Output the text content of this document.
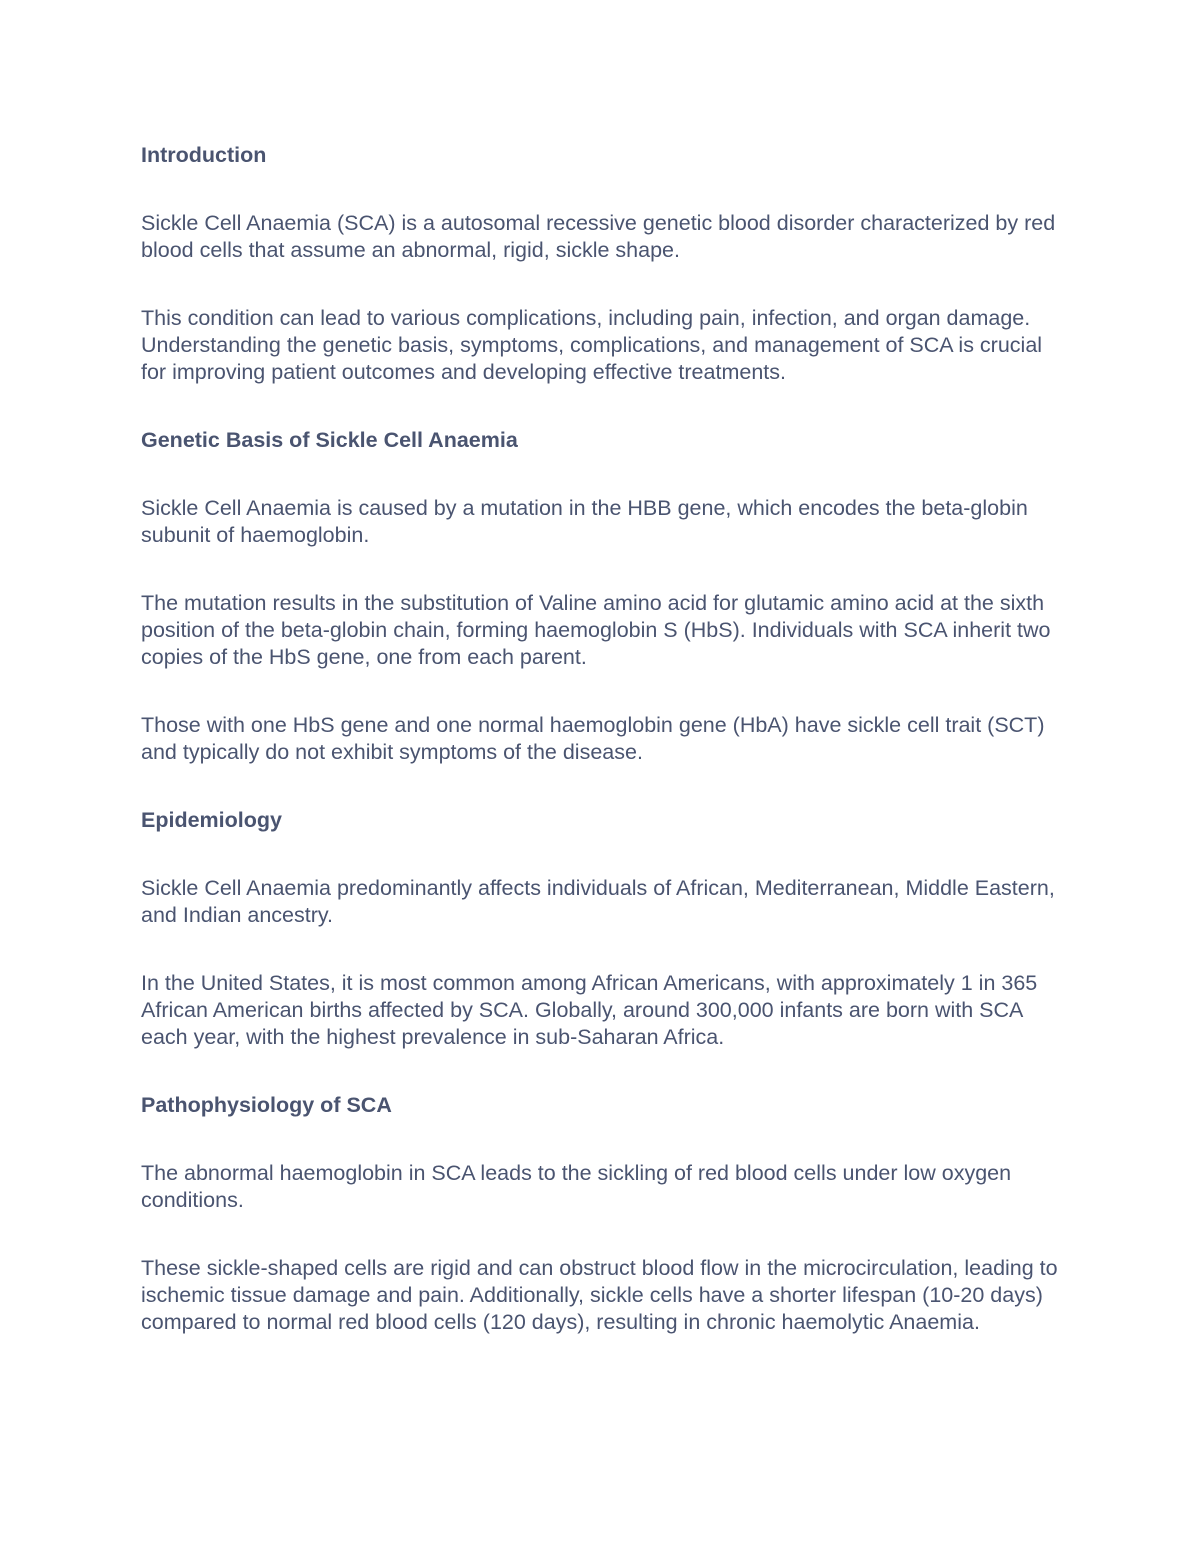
Introduction

Sickle Cell Anaemia (SCA) is a autosomal recessive genetic blood disorder characterized by red blood cells that assume an abnormal, rigid, sickle shape.

This condition can lead to various complications, including pain, infection, and organ damage. Understanding the genetic basis, symptoms, complications, and management of SCA is crucial for improving patient outcomes and developing effective treatments.

Genetic Basis of Sickle Cell Anaemia

Sickle Cell Anaemia is caused by a mutation in the HBB gene, which encodes the beta-globin subunit of haemoglobin.

The mutation results in the substitution of Valine amino acid for glutamic amino acid at the sixth position of the beta-globin chain, forming haemoglobin S (HbS). Individuals with SCA inherit two copies of the HbS gene, one from each parent.

Those with one HbS gene and one normal haemoglobin gene (HbA) have sickle cell trait (SCT) and typically do not exhibit symptoms of the disease.

Epidemiology

Sickle Cell Anaemia predominantly affects individuals of African, Mediterranean, Middle Eastern, and Indian ancestry.

In the United States, it is most common among African Americans, with approximately 1 in 365 African American births affected by SCA. Globally, around 300,000 infants are born with SCA each year, with the highest prevalence in sub-Saharan Africa.

Pathophysiology of SCA

The abnormal haemoglobin in SCA leads to the sickling of red blood cells under low oxygen conditions.

These sickle-shaped cells are rigid and can obstruct blood flow in the microcirculation, leading to ischemic tissue damage and pain. Additionally, sickle cells have a shorter lifespan (10-20 days) compared to normal red blood cells (120 days), resulting in chronic haemolytic Anaemia.
